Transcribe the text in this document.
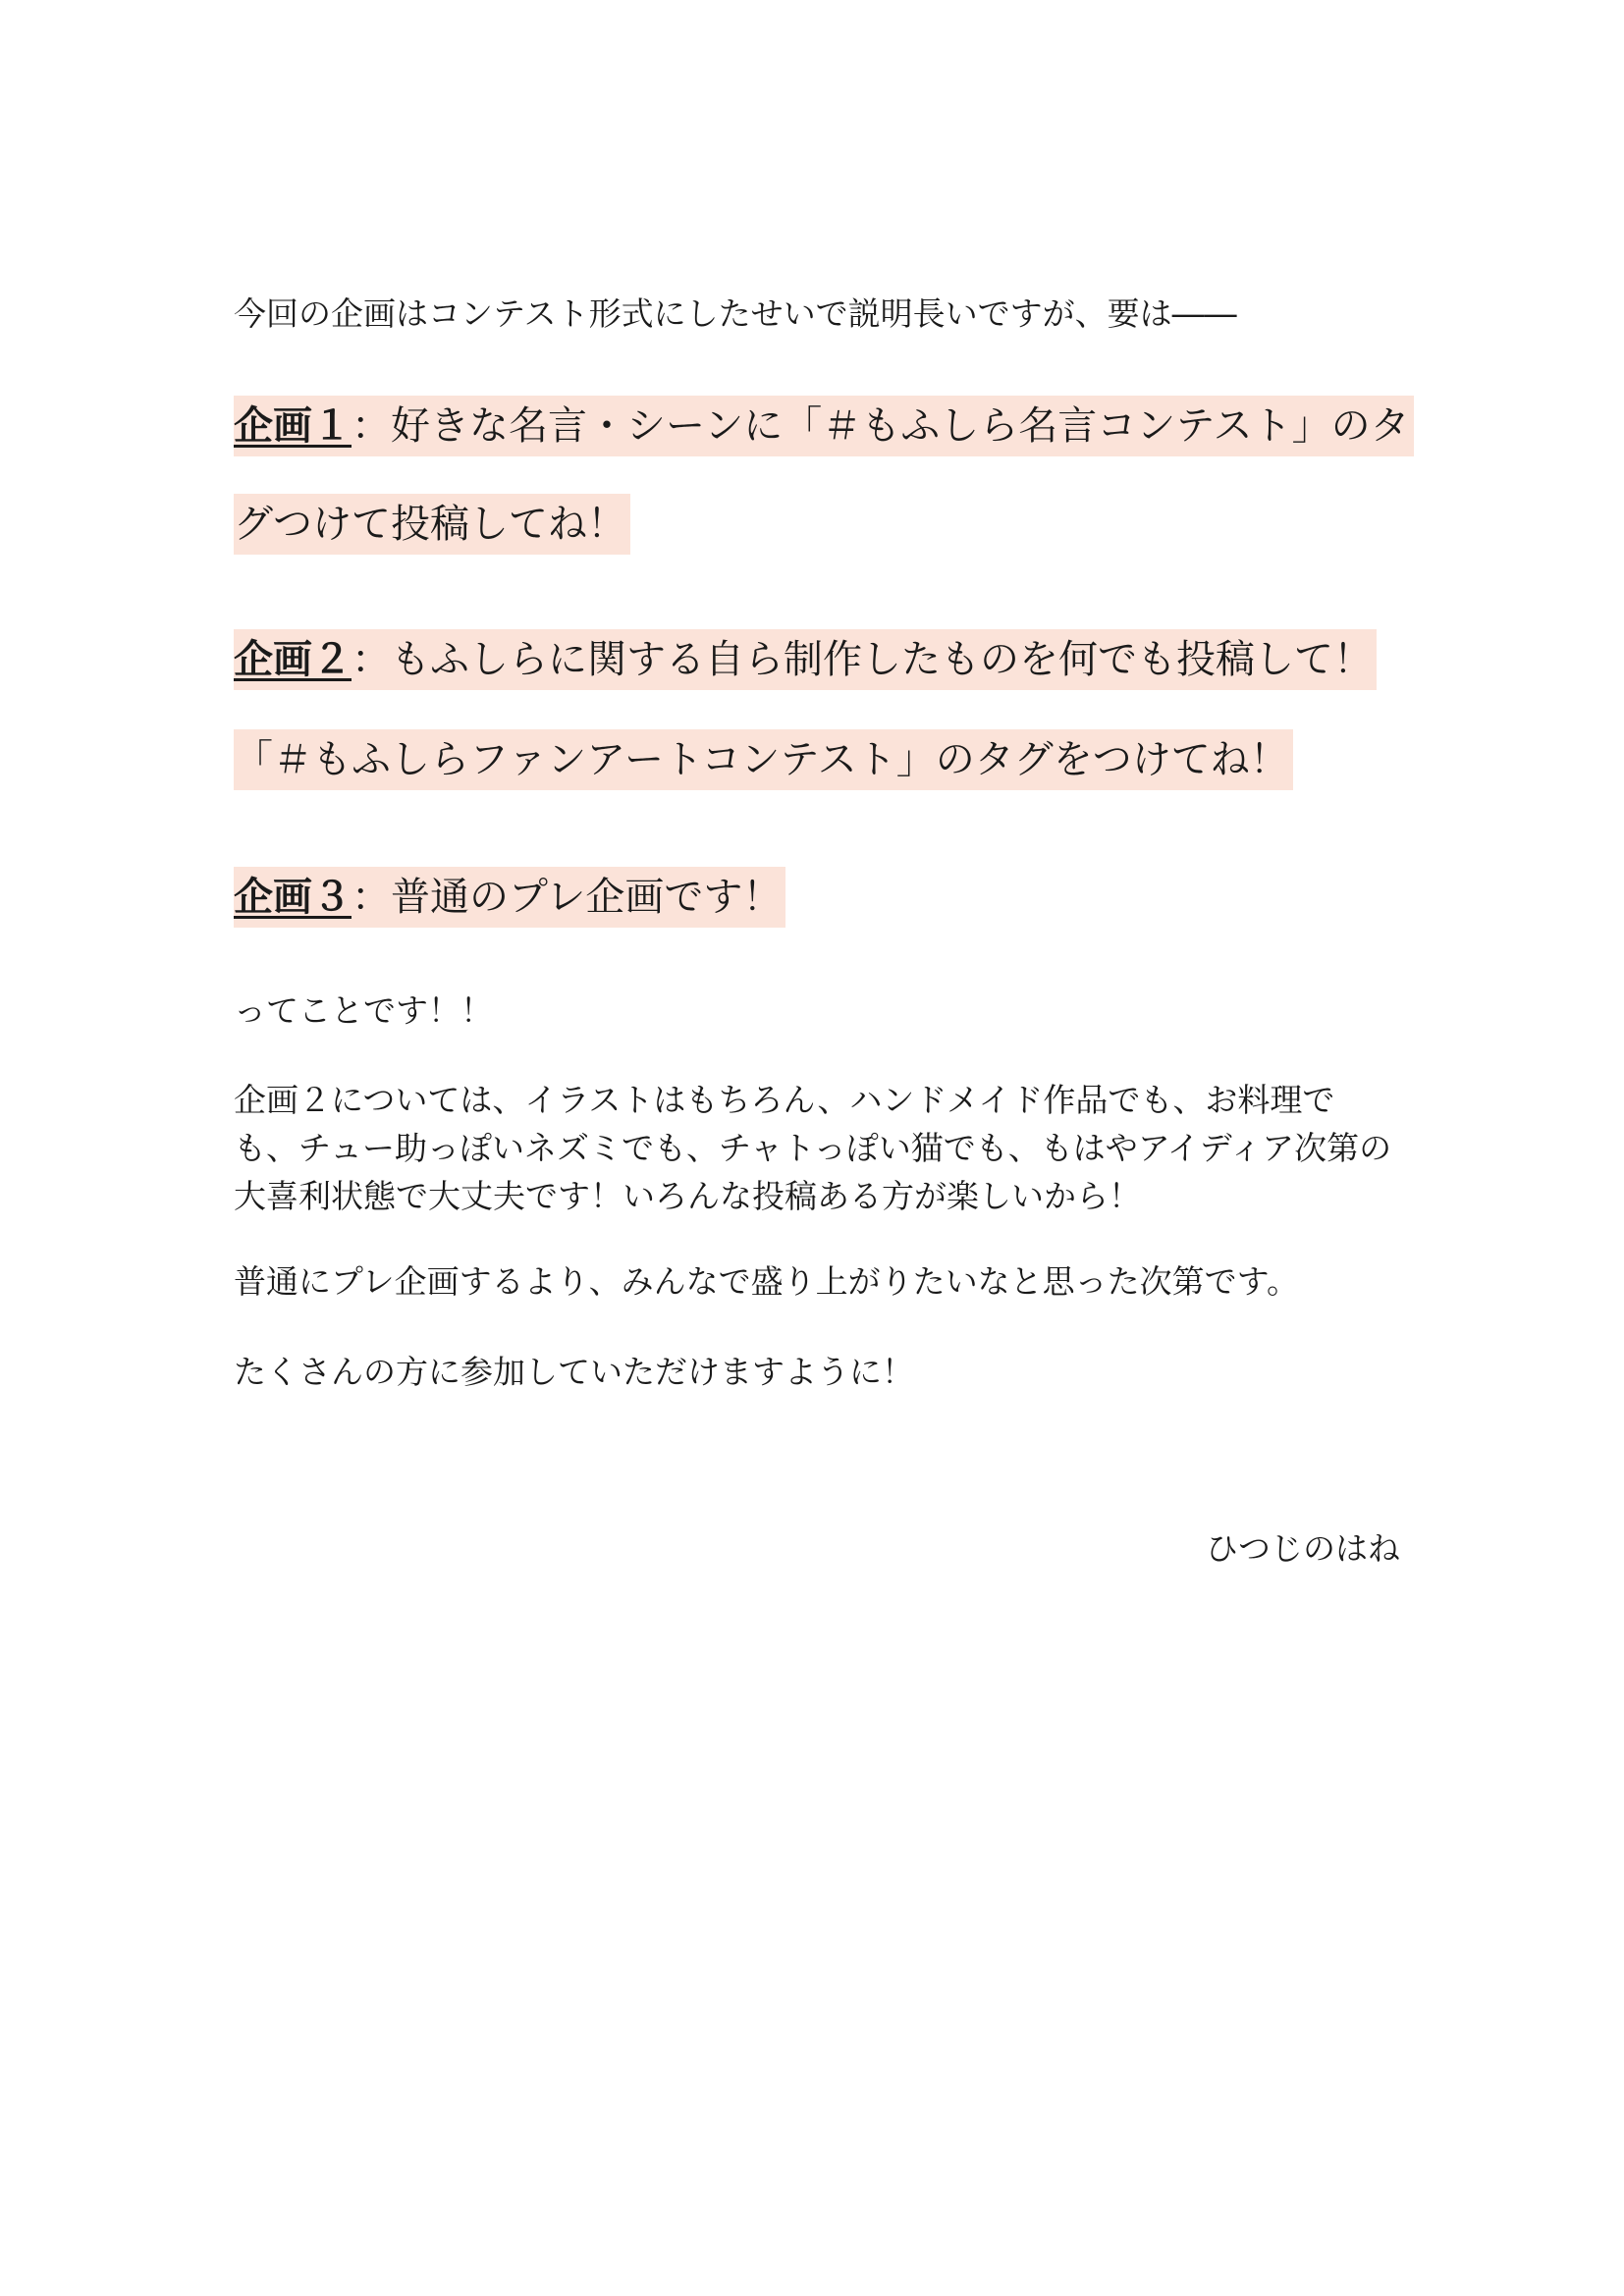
今回の企画はコンテスト形式にしたせいで説明長いですが、要は――
企画１：好きな名言・シーンに「＃もふしら名言コンテスト」のタ
グつけて投稿してね！
企画２：もふしらに関する自ら制作したものを何でも投稿して！
「＃もふしらファンアートコンテスト」のタグをつけてね！
企画３：普通のプレ企画です！
ってことです！！
企画２については、イラストはもちろん、ハンドメイド作品でも、お料理でも、チュー助っぽいネズミでも、チャトっぽい猫でも、もはやアイディア次第の大喜利状態で大丈夫です！いろんな投稿ある方が楽しいから！
普通にプレ企画するより、みんなで盛り上がりたいなと思った次第です。
たくさんの方に参加していただけますように！
ひつじのはね
